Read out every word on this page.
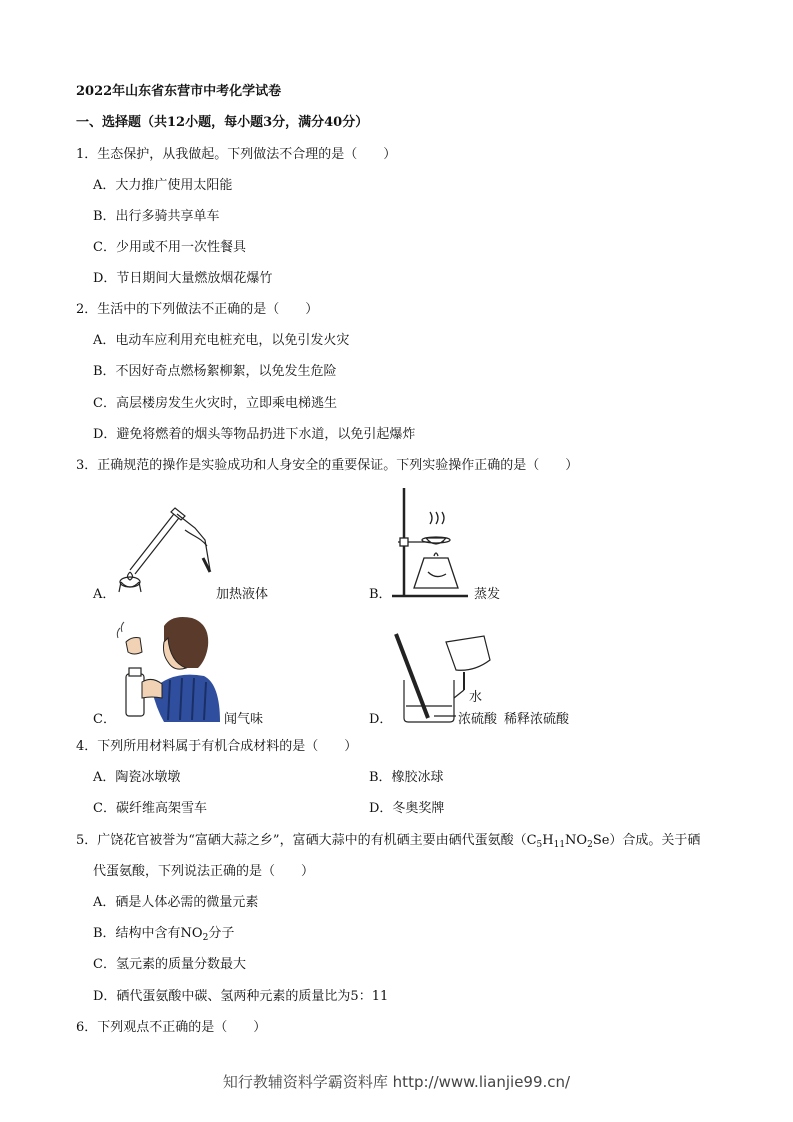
2022年山东省东营市中考化学试卷
一、选择题（共12小题，每小题3分，满分40分）
1．生态保护，从我做起。下列做法不合理的是（　　）
A．大力推广使用太阳能
B．出行多骑共享单车
C．少用或不用一次性餐具
D．节日期间大量燃放烟花爆竹
2．生活中的下列做法不正确的是（　　）
A．电动车应利用充电桩充电，以免引发火灾
B．不因好奇点燃杨絮柳絮，以免发生危险
C．高层楼房发生火灾时，立即乘电梯逃生
D．避免将燃着的烟头等物品扔进下水道，以免引起爆炸
3．正确规范的操作是实验成功和人身安全的重要保证。下列实验操作正确的是（　　）
A．	加热液体	B．	蒸发
C．	闻气味
水
浓硫酸
D．	稀释浓硫酸
4．下列所用材料属于有机合成材料的是（　　）
A．陶瓷冰墩墩	B．橡胶冰球
C．碳纤维高架雪车	D．冬奥奖牌
5．广饶花官被誉为“富硒大蒜之乡”，富硒大蒜中的有机硒主要由硒代蛋氨酸$(C_5H_{11}NO_2Se)$合成。关于硒
代蛋氨酸，下列说法正确的是（　　）
A．硒是人体必需的微量元素
B．结构中含有$NO_2$分子
C．氢元素的质量分数最大
D．硒代蛋氨酸中碳、氢两种元素的质量比为5：11
6．下列观点不正确的是（　　）
知行教辅资料学霸资料库 http://www.lianjie99.cn/
